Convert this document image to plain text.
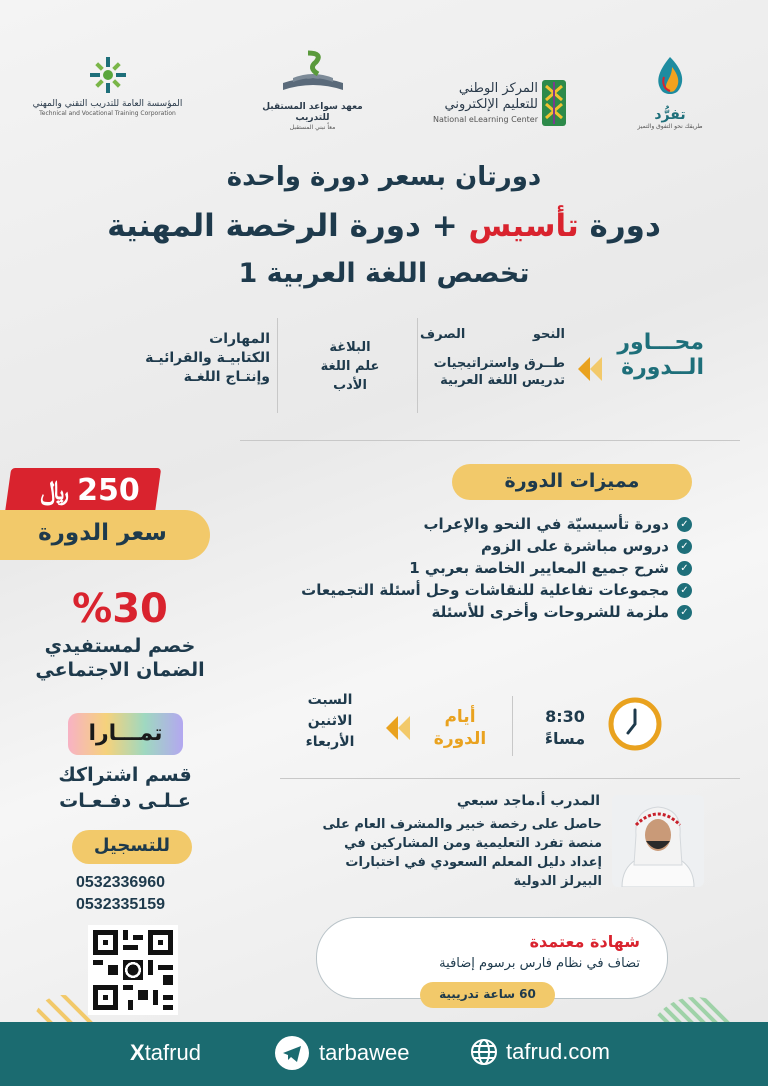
المؤسسة العامة للتدريب التقني والمهني
Technical and Vocational Training Corporation
معهد سواعد المستقبل للتدريب
معاً نبني المستقبل
المركز الوطني
للتعليم الإلكتروني
National eLearning Center	تفرُّد
طريقك نحو التفوق والتميز
دورتان بسعر دورة واحدة
دورة تأسيس + دورة الرخصة المهنية
تخصص اللغة العربية 1
محـــاور
الــدورة
النحو
الصرف
طــرق واستراتيجيات
تدريس اللغة العربية
البلاغة
علم اللغة
الأدب
المهارات
الكتابيـة والقرائيـة
وإنتـاج اللغـة
﷼ 250
سعر الدورة
مميزات الدورة
✓دورة تأسيسيّة في النحو والإعراب
✓دروس مباشرة على الزوم
✓شرح جميع المعايير الخاصة بعربي 1
✓مجموعات تفاعلية للنقاشات وحل أسئلة التجميعات
✓ملزمة للشروحات وأخرى للأسئلة
%30
خصم لمستفيدي
الضمان الاجتماعي
8:30
مساءً
أيام
الدورة
السبت
الاثنين
الأربعاء
تمـــارا
قسم اشتراكك
عـلـى دفـعـات
للتسجيل
0532336960
0532335159
المدرب أ.ماجد سبعي
حاصل على رخصة خبير والمشرف العام على
منصة تفرد التعليمية ومن المشاركين في
إعداد دليل المعلم السعودي في اختبارات
البيرلز الدولية
شهادة معتمدة
تضاف في نظام فارس برسوم إضافية
60 ساعة تدريبية
Xtafrud	tarbawee	tafrud.com
